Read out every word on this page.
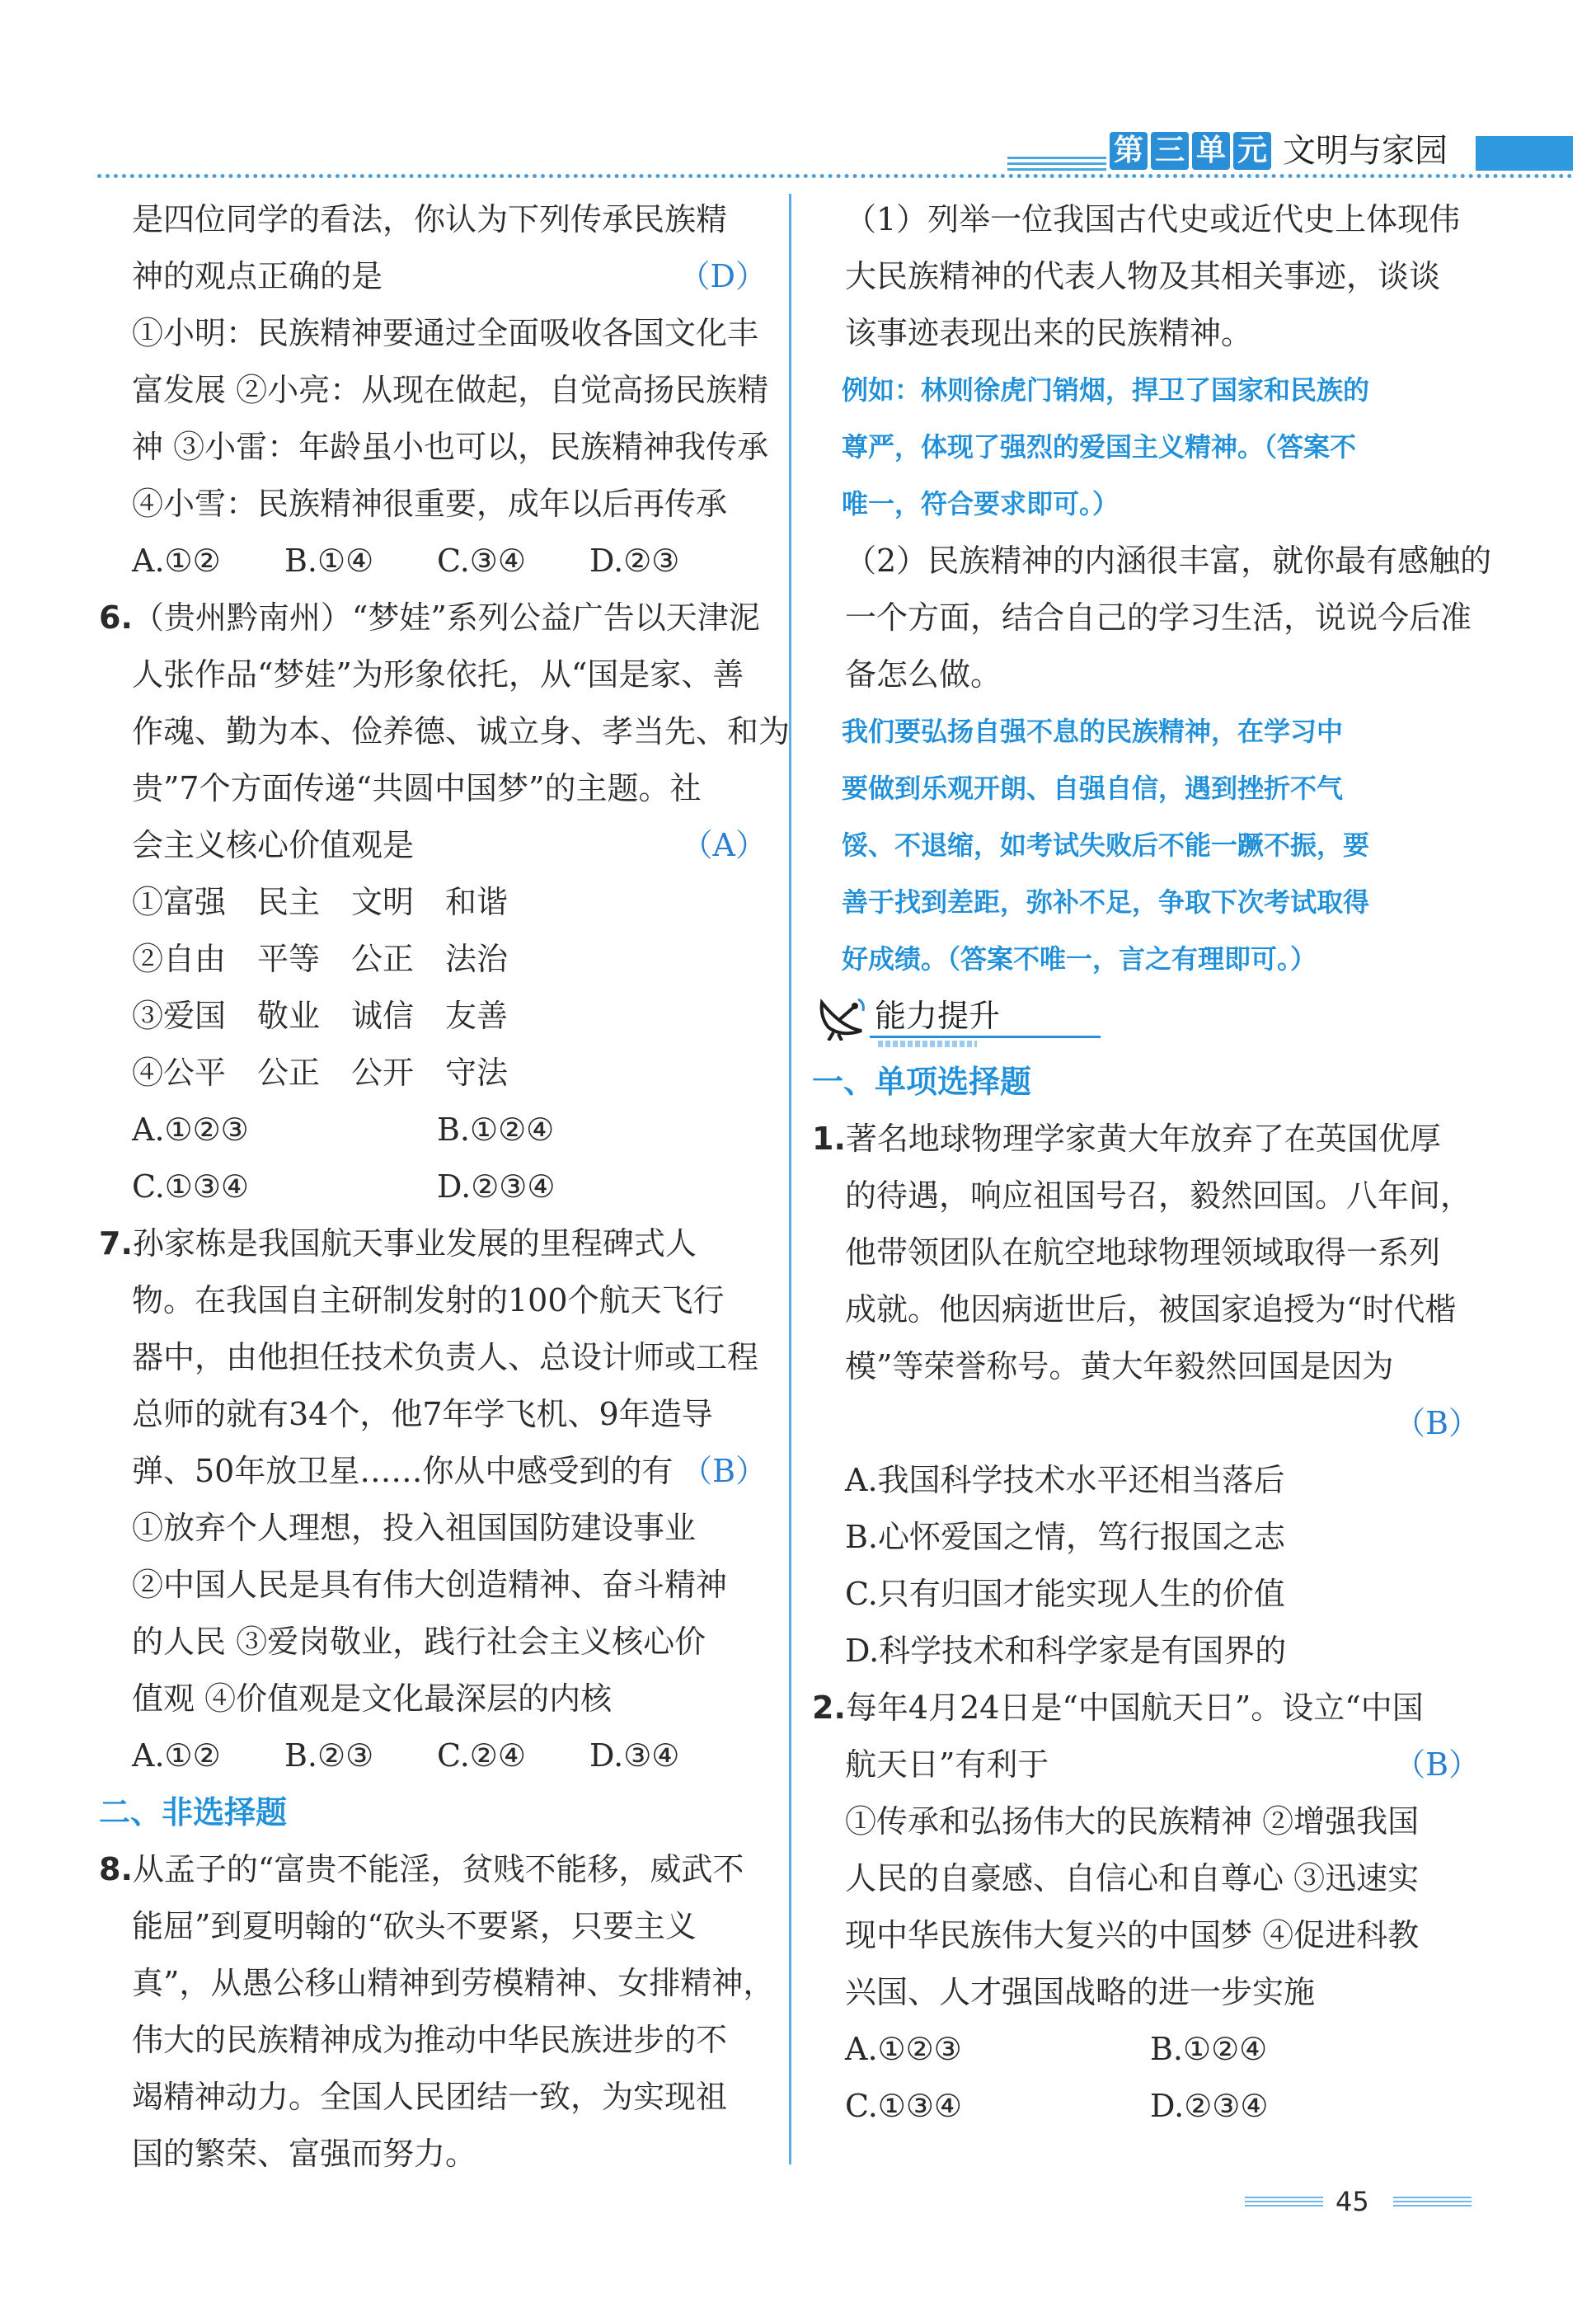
第 三 单 元 文明与家园
是四位同学的看法，你认为下列传承民族精
神的观点正确的是	（D）
①小明：民族精神要通过全面吸收各国文化丰
富发展 ②小亮：从现在做起，自觉高扬民族精
神 ③小雷：年龄虽小也可以，民族精神我传承
④小雪：民族精神很重要，成年以后再传承
A.①②	B.①④	C.③④	D.②③
6.（贵州黔南州）“梦娃”系列公益广告以天津泥
人张作品“梦娃”为形象依托，从“国是家、善
作魂、勤为本、俭养德、诚立身、孝当先、和为
贵”7个方面传递“共圆中国梦”的主题。社
会主义核心价值观是	（A）
①富强　民主　文明　和谐
②自由　平等　公正　法治
③爱国　敬业　诚信　友善
④公平　公正　公开　守法
A.①②③	B.①②④
C.①③④	D.②③④
7.孙家栋是我国航天事业发展的里程碑式人
物。在我国自主研制发射的100个航天飞行
器中，由他担任技术负责人、总设计师或工程
总师的就有34个，他7年学飞机、9年造导
弹、50年放卫星……你从中感受到的有 （B）
①放弃个人理想，投入祖国国防建设事业
②中国人民是具有伟大创造精神、奋斗精神
的人民 ③爱岗敬业，践行社会主义核心价
值观 ④价值观是文化最深层的内核
A.①②	B.②③	C.②④	D.③④
二、非选择题
8.从孟子的“富贵不能淫，贫贱不能移，威武不
能屈”到夏明翰的“砍头不要紧，只要主义
真”，从愚公移山精神到劳模精神、女排精神，
伟大的民族精神成为推动中华民族进步的不
竭精神动力。全国人民团结一致，为实现祖
国的繁荣、富强而努力。
（1）列举一位我国古代史或近代史上体现伟
大民族精神的代表人物及其相关事迹，谈谈
该事迹表现出来的民族精神。
例如：林则徐虎门销烟，捍卫了国家和民族的
尊严，体现了强烈的爱国主义精神。（答案不
唯一，符合要求即可。）
（2）民族精神的内涵很丰富，就你最有感触的
一个方面，结合自己的学习生活，说说今后准
备怎么做。
我们要弘扬自强不息的民族精神，在学习中
要做到乐观开朗、自强自信，遇到挫折不气
馁、不退缩，如考试失败后不能一蹶不振，要
善于找到差距，弥补不足，争取下次考试取得
好成绩。（答案不唯一，言之有理即可。）
能力提升
一、单项选择题
1.著名地球物理学家黄大年放弃了在英国优厚
的待遇，响应祖国号召，毅然回国。八年间，
他带领团队在航空地球物理领域取得一系列
成就。他因病逝世后，被国家追授为“时代楷
模”等荣誉称号。黄大年毅然回国是因为
（B）
A.我国科学技术水平还相当落后
B.心怀爱国之情，笃行报国之志
C.只有归国才能实现人生的价值
D.科学技术和科学家是有国界的
2.每年4月24日是“中国航天日”。设立“中国
航天日”有利于	（B）
①传承和弘扬伟大的民族精神 ②增强我国
人民的自豪感、自信心和自尊心 ③迅速实
现中华民族伟大复兴的中国梦 ④促进科教
兴国、人才强国战略的进一步实施
A.①②③	B.①②④
C.①③④	D.②③④
45
